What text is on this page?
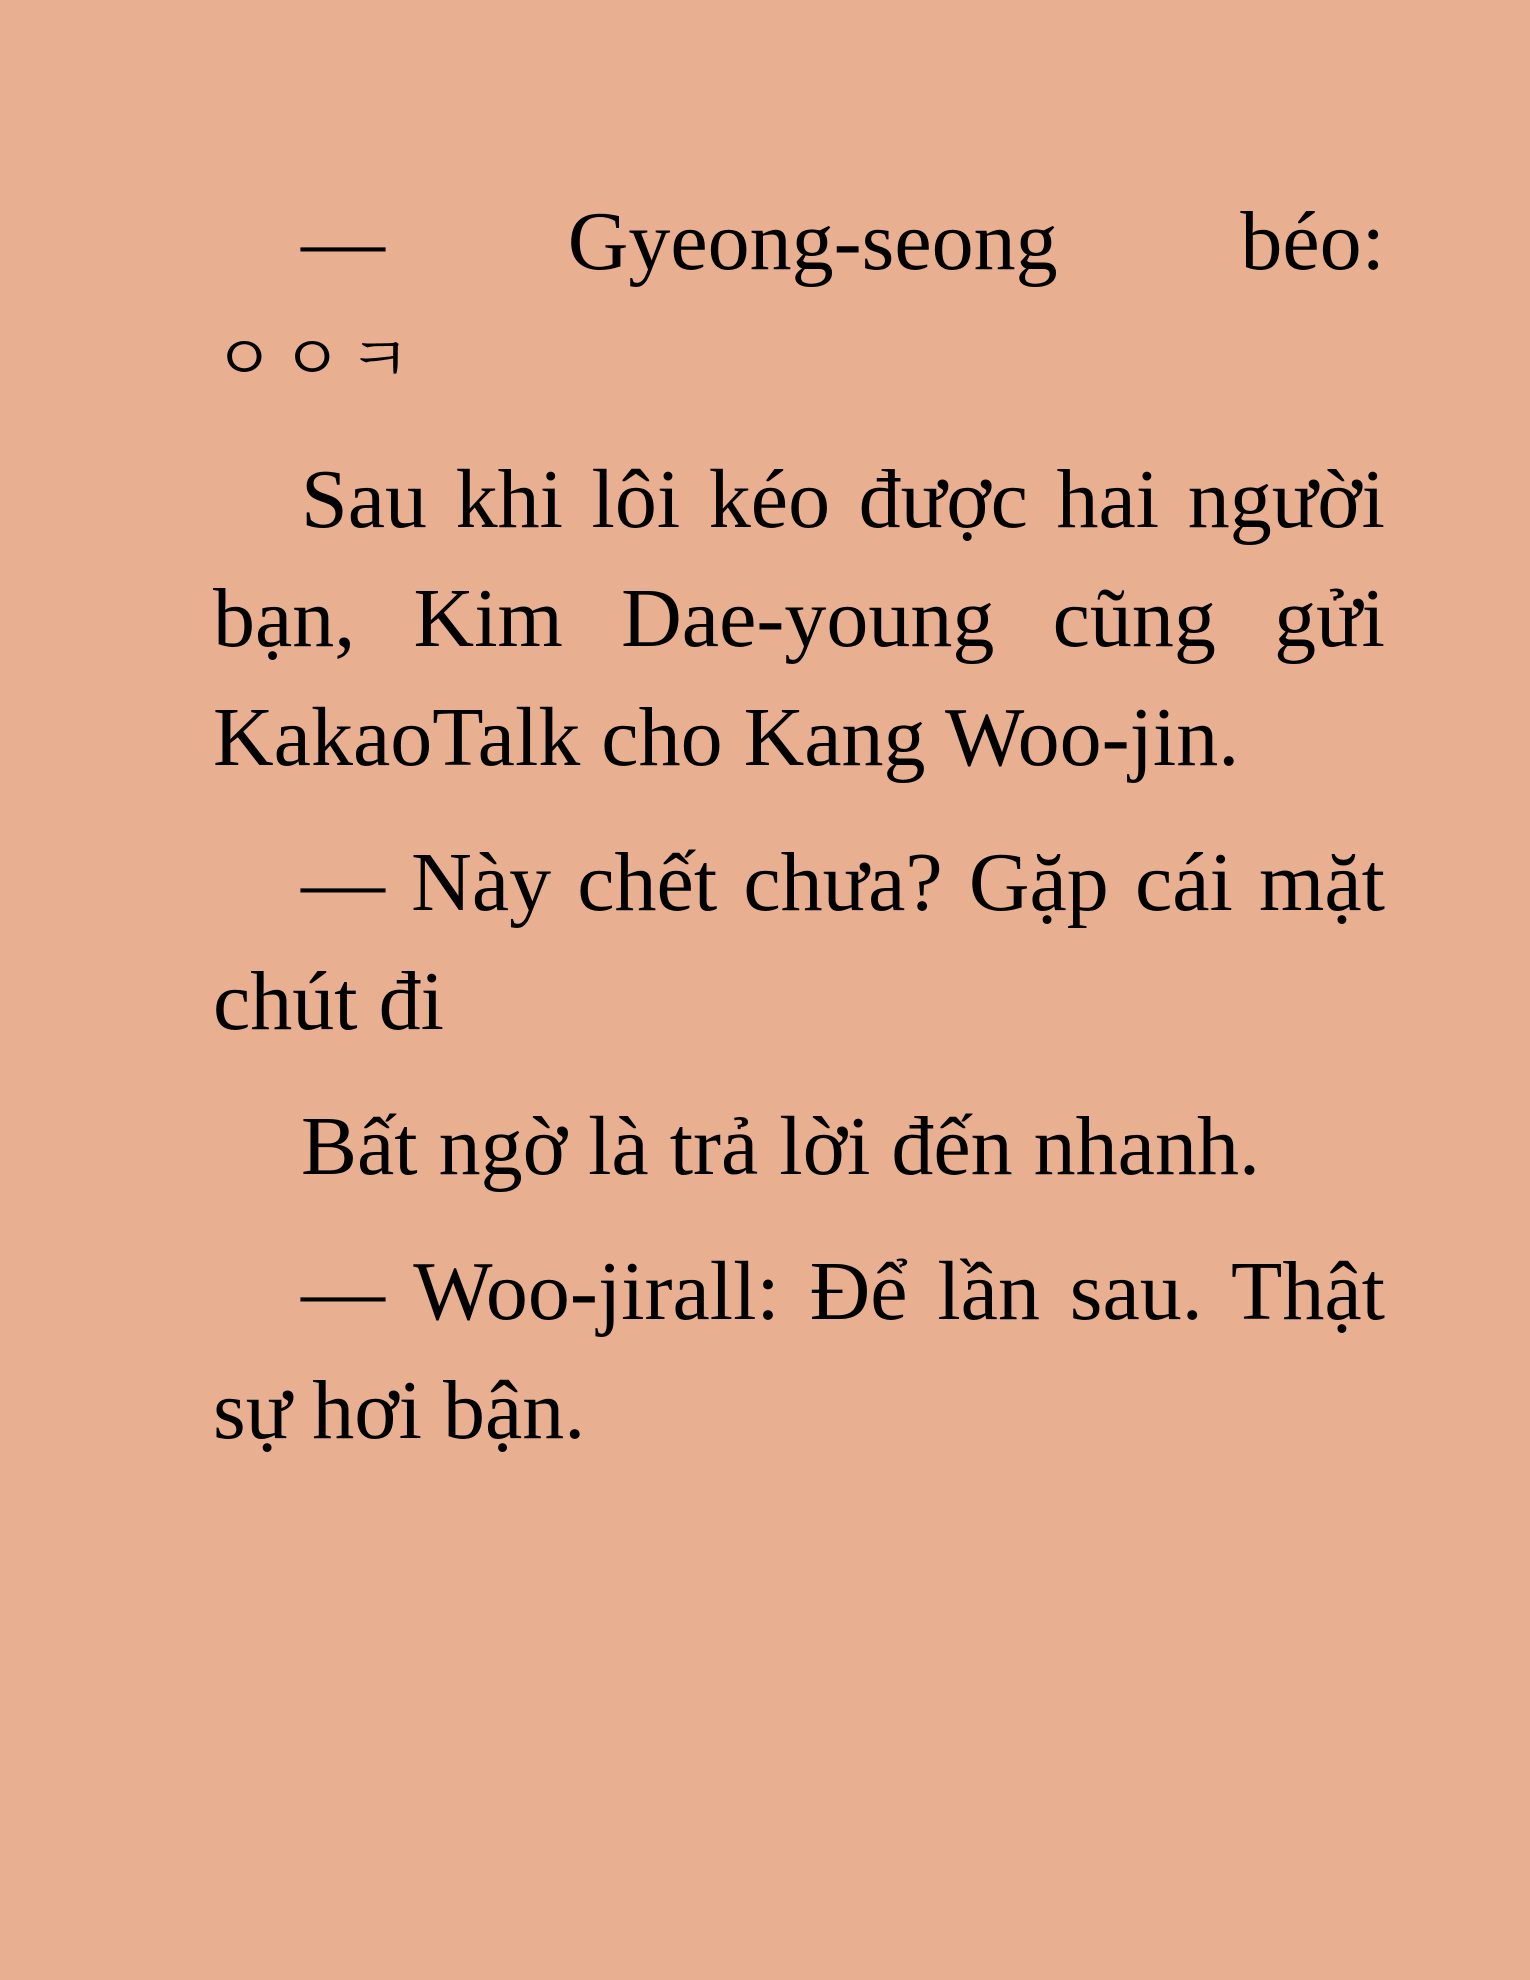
— Gyeong-seong béo:
ㅇㅇㅋ

Sau khi lôi kéo được hai người bạn, Kim Dae-young cũng gửi KakaoTalk cho Kang Woo-jin.

— Này chết chưa? Gặp cái mặt chút đi

Bất ngờ là trả lời đến nhanh.

— Woo-jirall: Để lần sau. Thật sự hơi bận.
